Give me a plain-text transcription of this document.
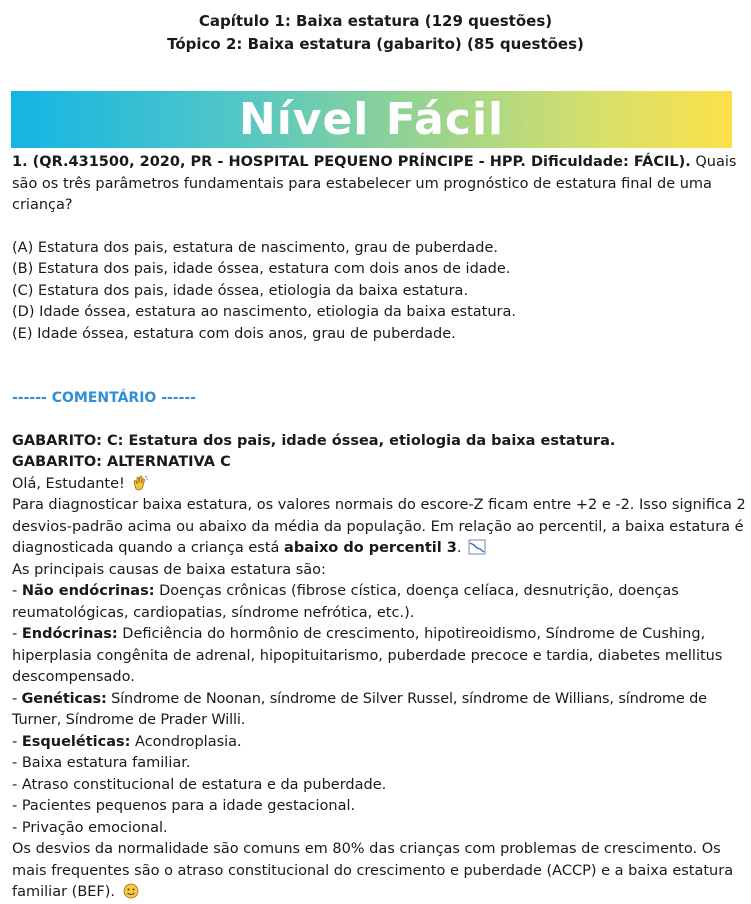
Capítulo 1: Baixa estatura (129 questões)
Tópico 2: Baixa estatura (gabarito) (85 questões)
Nível Fácil

1. (QR.431500, 2020, PR - HOSPITAL PEQUENO PRÍNCIPE - HPP. Dificuldade: FÁCIL). Quais são os três parâmetros fundamentais para estabelecer um prognóstico de estatura final de uma criança?

(A) Estatura dos pais, estatura de nascimento, grau de puberdade.

(B) Estatura dos pais, idade óssea, estatura com dois anos de idade.

(C) Estatura dos pais, idade óssea, etiologia da baixa estatura.

(D) Idade óssea, estatura ao nascimento, etiologia da baixa estatura.

(E) Idade óssea, estatura com dois anos, grau de puberdade.

------ COMENTÁRIO ------

GABARITO: C: Estatura dos pais, idade óssea, etiologia da baixa estatura.

GABARITO: ALTERNATIVA C

Olá, Estudante!

Para diagnosticar baixa estatura, os valores normais do escore-Z ficam entre +2 e -2. Isso significa 2 desvios-padrão acima ou abaixo da média da população. Em relação ao percentil, a baixa estatura é diagnosticada quando a criança está abaixo do percentil 3.

As principais causas de baixa estatura são:

- Não endócrinas: Doenças crônicas (fibrose cística, doença celíaca, desnutrição, doenças reumatológicas, cardiopatias, síndrome nefrótica, etc.).

- Endócrinas: Deficiência do hormônio de crescimento, hipotireoidismo, Síndrome de Cushing, hiperplasia congênita de adrenal, hipopituitarismo, puberdade precoce e tardia, diabetes mellitus descompensado.

- Genéticas: Síndrome de Noonan, síndrome de Silver Russel, síndrome de Willians, síndrome de Turner, Síndrome de Prader Willi.

- Esqueléticas: Acondroplasia.

- Baixa estatura familiar.

- Atraso constitucional de estatura e da puberdade.

- Pacientes pequenos para a idade gestacional.

- Privação emocional.

Os desvios da normalidade são comuns em 80% das crianças com problemas de crescimento. Os mais frequentes são o atraso constitucional do crescimento e puberdade (ACCP) e a baixa estatura familiar (BEF).
